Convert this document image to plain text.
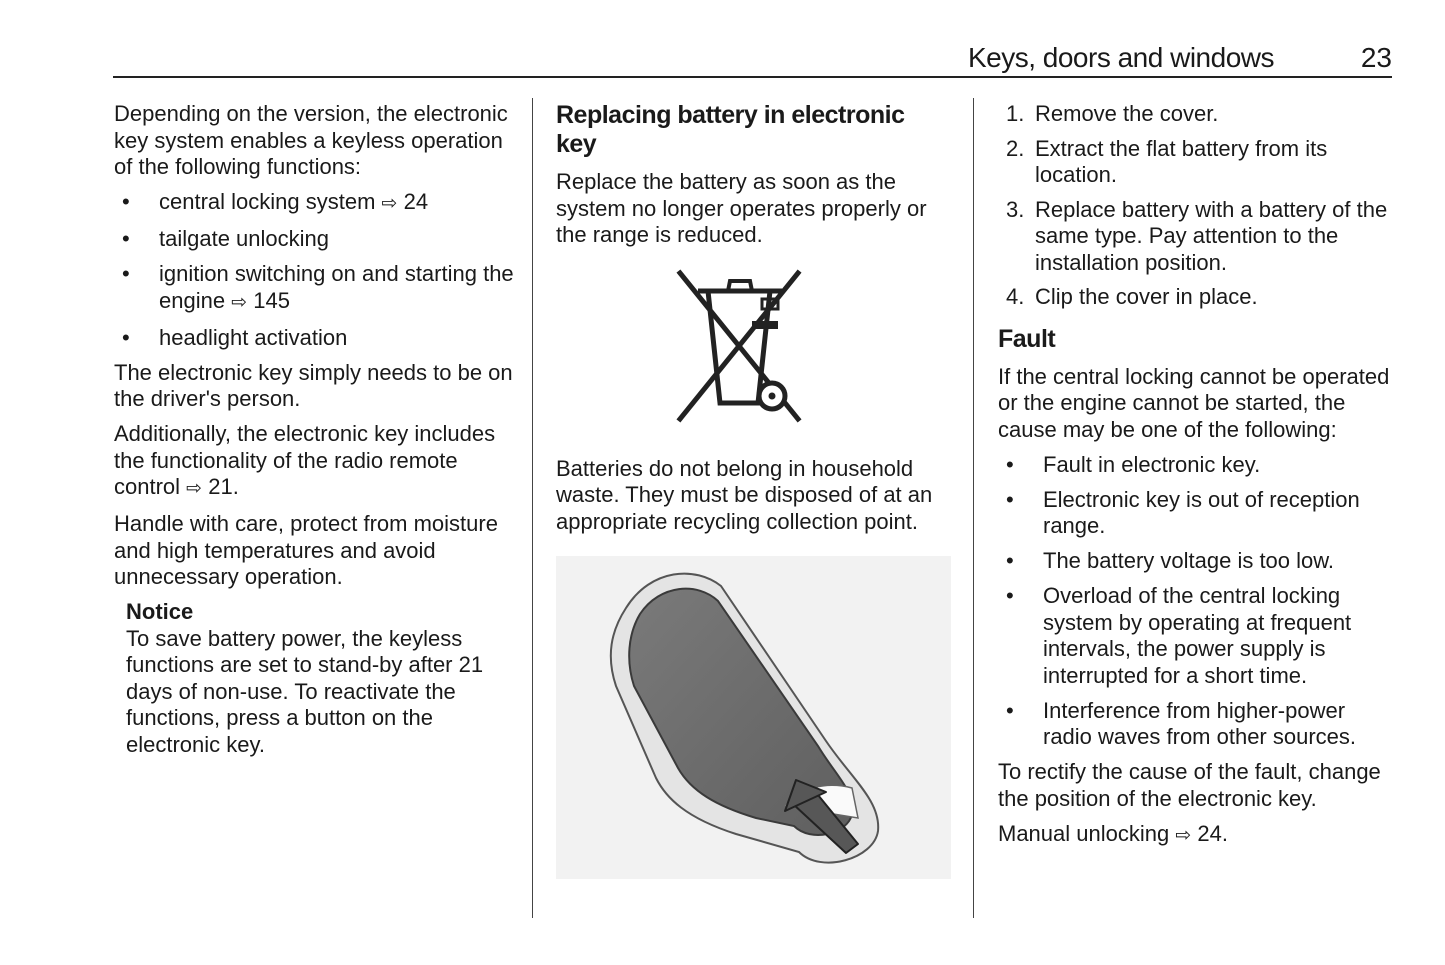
Keys, doors and windows	23

Depending on the version, the electronic key system enables a keyless operation of the following functions:

• central locking system ⇨ 24
• tailgate unlocking
• ignition switching on and starting the engine ⇨ 145
• headlight activation

The electronic key simply needs to be on the driver's person.

Additionally, the electronic key includes the functionality of the radio remote control ⇨ 21.

Handle with care, protect from moisture and high temperatures and avoid unnecessary operation.

Notice
To save battery power, the keyless functions are set to stand-by after 21 days of non-use. To reactivate the functions, press a button on the electronic key.
Replacing battery in electronic key

Replace the battery as soon as the system no longer operates properly or the range is reduced.

Batteries do not belong in household waste. They must be disposed of at an appropriate recycling collection point.

1. Remove the cover.
2. Extract the flat battery from its location.
3. Replace battery with a battery of the same type. Pay attention to the installation position.
4. Clip the cover in place.
Fault

If the central locking cannot be operated or the engine cannot be started, the cause may be one of the following:

• Fault in electronic key.
• Electronic key is out of reception range.
• The battery voltage is too low.
• Overload of the central locking system by operating at frequent intervals, the power supply is interrupted for a short time.
• Interference from higher-power radio waves from other sources.

To rectify the cause of the fault, change the position of the electronic key.

Manual unlocking ⇨ 24.
